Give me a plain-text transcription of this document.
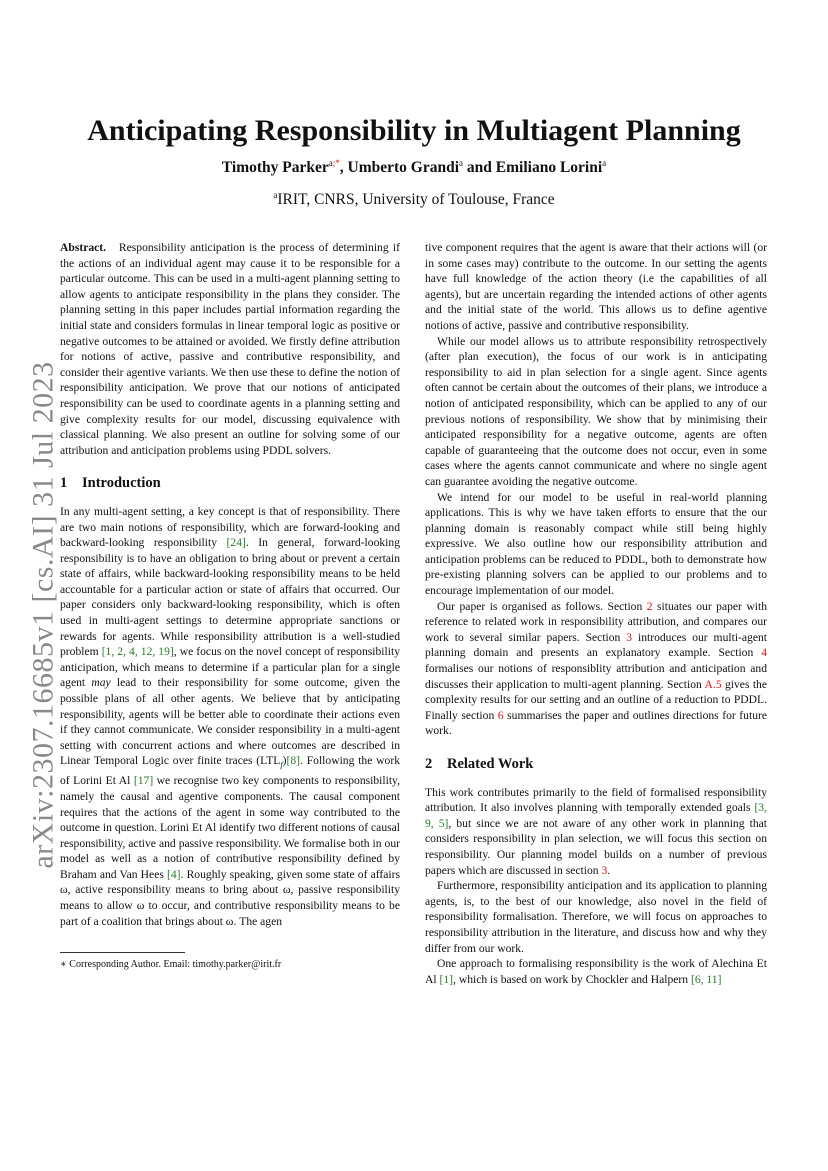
arXiv:2307.16685v1 [cs.AI] 31 Jul 2023
Anticipating Responsibility in Multiagent Planning
Timothy Parker$^{a;*}$, Umberto Grandi$^a$ and Emiliano Lorini$^a$
$^a$IRIT, CNRS, University of Toulouse, France

Abstract. Responsibility anticipation is the process of determining if the actions of an individual agent may cause it to be responsible for a particular outcome. This can be used in a multi-agent planning setting to allow agents to anticipate responsibility in the plans they consider. The planning setting in this paper includes partial information regarding the initial state and considers formulas in linear temporal logic as positive or negative outcomes to be attained or avoided. We firstly define attribution for notions of active, passive and contributive responsibility, and consider their agentive variants. We then use these to define the notion of responsibility anticipation. We prove that our notions of anticipated responsibility can be used to coordinate agents in a planning setting and give complexity results for our model, discussing equivalence with classical planning. We also present an outline for solving some of our attribution and anticipation problems using PDDL solvers.

1 Introduction

In any multi-agent setting, a key concept is that of responsibility. There are two main notions of responsibility, which are forward-looking and backward-looking responsibility [24]. In general, forward-looking responsibility is to have an obligation to bring about or prevent a certain state of affairs, while backward-looking responsibility means to be held accountable for a particular action or state of affairs that occurred. Our paper considers only backward-looking responsibility, which is often used in multi-agent settings to determine appropriate sanctions or rewards for agents. While responsibility attribution is a well-studied problem [1, 2, 4, 12, 19], we focus on the novel concept of responsibility anticipation, which means to determine if a particular plan for a single agent may lead to their responsibility for some outcome, given the possible plans of all other agents. We believe that by anticipating responsibility, agents will be better able to coordinate their actions even if they cannot communicate. We consider responsibility in a multi-agent setting with concurrent actions and where outcomes are described in Linear Temporal Logic over finite traces $(LTL_f)[8]$. Following the work of Lorini Et Al [17] we recognise two key components to responsibility, namely the causal and agentive components. The causal component requires that the actions of the agent in some way contributed to the outcome in question. Lorini Et Al identify two different notions of causal responsibility, active and passive responsibility. We formalise both in our model as well as a notion of contributive responsibility defined by Braham and Van Hees [4]. Roughly speaking, given some state of affairs ω, active responsibility means to bring about ω, passive responsibility means to allow ω to occur, and contributive responsibility means to be part of a coalition that brings about ω. The agen

∗ Corresponding Author. Email: timothy.parker@irit.fr

tive component requires that the agent is aware that their actions will (or in some cases may) contribute to the outcome. In our setting the agents have full knowledge of the action theory (i.e the capabilities of all agents), but are uncertain regarding the intended actions of other agents and the initial state of the world. This allows us to define agentive notions of active, passive and contributive responsibility.

While our model allows us to attribute responsibility retrospectively (after plan execution), the focus of our work is in anticipating responsibility to aid in plan selection for a single agent. Since agents often cannot be certain about the outcomes of their plans, we introduce a notion of anticipated responsibility, which can be applied to any of our previous notions of responsibility. We show that by minimising their anticipated responsibility for a negative outcome, agents are often capable of guaranteeing that the outcome does not occur, even in some cases where the agents cannot communicate and where no single agent can guarantee avoiding the negative outcome.

We intend for our model to be useful in real-world planning applications. This is why we have taken efforts to ensure that the our planning domain is reasonably compact while still being highly expressive. We also outline how our responsibility attribution and anticipation problems can be reduced to PDDL, both to demonstrate how pre-existing planning solvers can be applied to our problems and to encourage implementation of our model.

Our paper is organised as follows. Section 2 situates our paper with reference to related work in responsibility attribution, and compares our work to several similar papers. Section 3 introduces our multi-agent planning domain and presents an explanatory example. Section 4 formalises our notions of responsiblity attribution and anticipation and discusses their application to multi-agent planning. Section A.5 gives the complexity results for our setting and an outline of a reduction to PDDL. Finally section 6 summarises the paper and outlines directions for future work.

2 Related Work

This work contributes primarily to the field of formalised responsibility attribution. It also involves planning with temporally extended goals [3, 9, 5], but since we are not aware of any other work in planning that considers responsibility in plan selection, we will focus this section on responsibility. Our planning model builds on a number of previous papers which are discussed in section 3.

Furthermore, responsibility anticipation and its application to planning agents, is, to the best of our knowledge, also novel in the field of responsibility formalisation. Therefore, we will focus on approaches to responsibility attribution in the literature, and discuss how and why they differ from our work.

One approach to formalising responsibility is the work of Alechina Et Al [1], which is based on work by Chockler and Halpern [6, 11]
